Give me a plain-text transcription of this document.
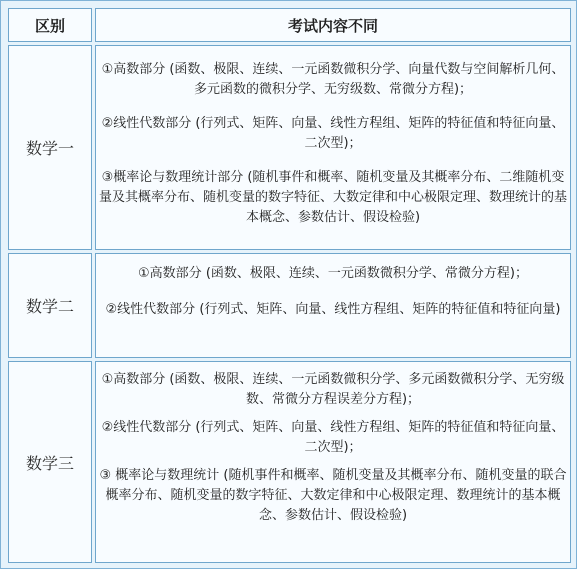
区别	考试内容不同
数学一	①高数部分 (函数、极限、连续、一元函数微积分学、向量代数与空间解析几何、多元函数的微积分学、无穷级数、常微分方程)；
②线性代数部分 (行列式、矩阵、向量、线性方程组、矩阵的特征值和特征向量、二次型)；
③概率论与数理统计部分 (随机事件和概率、随机变量及其概率分布、二维随机变量及其概率分布、随机变量的数字特征、大数定律和中心极限定理、数理统计的基本概念、参数估计、假设检验)

数学二	①高数部分 (函数、极限、连续、一元函数微积分学、常微分方程)；
②线性代数部分 (行列式、矩阵、向量、线性方程组、矩阵的特征值和特征向量)

数学三	①高数部分 (函数、极限、连续、一元函数微积分学、多元函数微积分学、无穷级数、常微分方程误差分方程)；
②线性代数部分 (行列式、矩阵、向量、线性方程组、矩阵的特征值和特征向量、二次型)；
③ 概率论与数理统计 (随机事件和概率、随机变量及其概率分布、随机变量的联合概率分布、随机变量的数字特征、大数定律和中心极限定理、数理统计的基本概念、参数估计、假设检验)
